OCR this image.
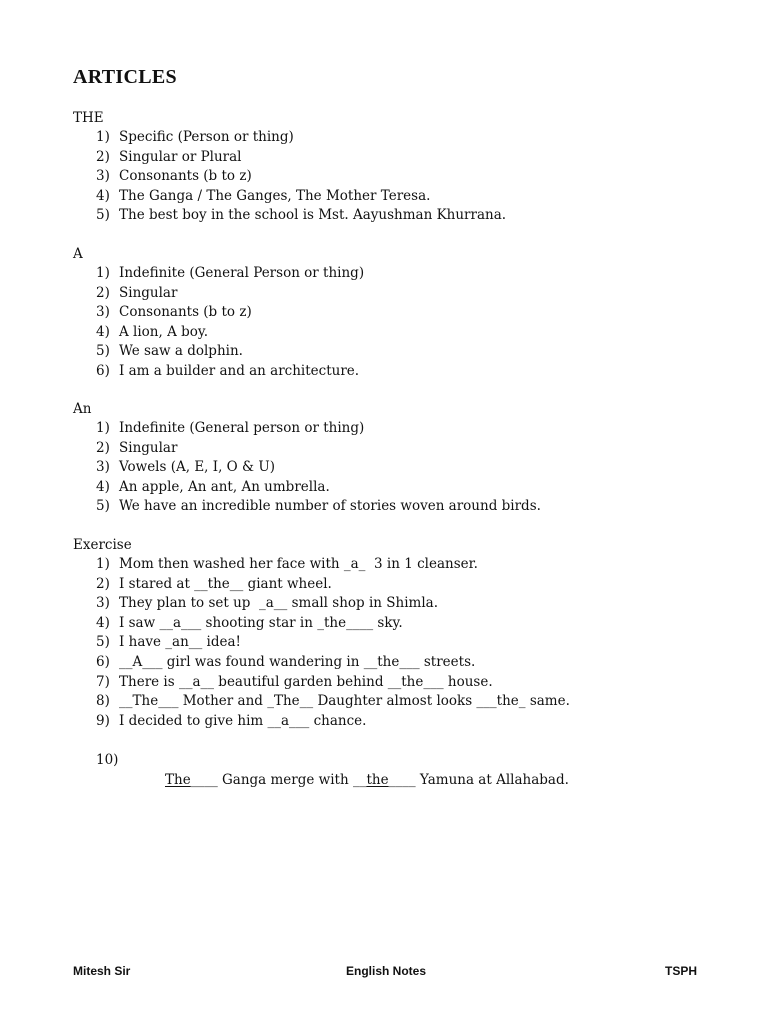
ARTICLES

THE

1) Specific (Person or thing)
2) Singular or Plural
3) Consonants (b to z)
4) The Ganga / The Ganges, The Mother Teresa.
5) The best boy in the school is Mst. Aayushman Khurrana.

A

1) Indefinite (General Person or thing)
2) Singular
3) Consonants (b to z)
4) A lion, A boy.
5) We saw a dolphin.
6) I am a builder and an architecture.

An

1) Indefinite (General person or thing)
2) Singular
3) Vowels (A, E, I, O & U)
4) An apple, An ant, An umbrella.
5) We have an incredible number of stories woven around birds.

Exercise

1) Mom then washed her face with _a_  3 in 1 cleanser.
2) I stared at __the__ giant wheel.
3) They plan to set up  _a__ small shop in Shimla.
4) I saw __a___ shooting star in _the____ sky.
5) I have _an__ idea!
6) __A___ girl was found wandering in __the___ streets.
7) There is __a__ beautiful garden behind __the___ house.
8) __The___ Mother and _The__ Daughter almost looks ___the_ same.
9) I decided to give him __a___ chance.

10)

The____ Ganga merge with __the____ Yamuna at Allahabad.

Mitesh Sir	English Notes	TSPH
